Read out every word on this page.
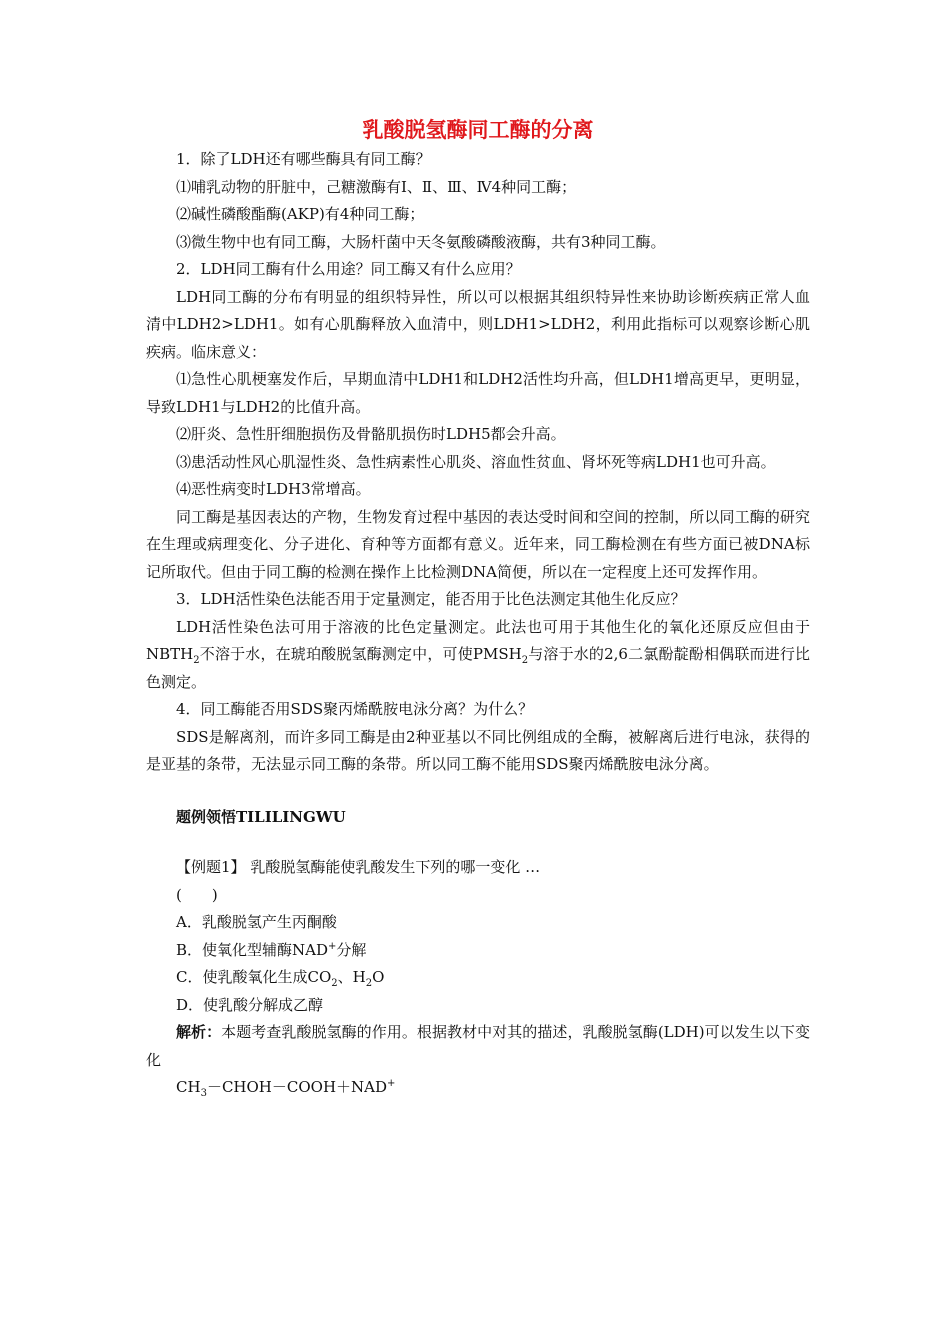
乳酸脱氢酶同工酶的分离

1．除了LDH还有哪些酶具有同工酶？

⑴哺乳动物的肝脏中，己糖激酶有Ⅰ、Ⅱ、Ⅲ、Ⅳ4种同工酶；

⑵碱性磷酸酯酶(AKP)有4种同工酶；

⑶微生物中也有同工酶，大肠杆菌中天冬氨酸磷酸液酶，共有3种同工酶。

2．LDH同工酶有什么用途？同工酶又有什么应用？

LDH同工酶的分布有明显的组织特异性，所以可以根据其组织特异性来协助诊断疾病正常人血清中LDH2>LDH1。如有心肌酶释放入血清中，则LDH1>LDH2，利用此指标可以观察诊断心肌疾病。临床意义：

⑴急性心肌梗塞发作后，早期血清中LDH1和LDH2活性均升高，但LDH1增高更早，更明显，导致LDH1与LDH2的比值升高。

⑵肝炎、急性肝细胞损伤及骨骼肌损伤时LDH5都会升高。

⑶患活动性风心肌湿性炎、急性病素性心肌炎、溶血性贫血、肾坏死等病LDH1也可升高。

⑷恶性病变时LDH3常增高。

同工酶是基因表达的产物，生物发育过程中基因的表达受时间和空间的控制，所以同工酶的研究在生理或病理变化、分子进化、育种等方面都有意义。近年来，同工酶检测在有些方面已被DNA标记所取代。但由于同工酶的检测在操作上比检测DNA简便，所以在一定程度上还可发挥作用。

3．LDH活性染色法能否用于定量测定，能否用于比色法测定其他生化反应？

LDH活性染色法可用于溶液的比色定量测定。此法也可用于其他生化的氧化还原反应但由于$NBTH_2$不溶于水，在琥珀酸脱氢酶测定中，可使$PMSH_2$与溶于水的2,6二氯酚靛酚相偶联而进行比色测定。

4．同工酶能否用SDS聚丙烯酰胺电泳分离？为什么？

SDS是解离剂，而许多同工酶是由2种亚基以不同比例组成的全酶，被解离后进行电泳，获得的是亚基的条带，无法显示同工酶的条带。所以同工酶不能用SDS聚丙烯酰胺电泳分离。

题例领悟TILILINGWU

【例题1】 乳酸脱氢酶能使乳酸发生下列的哪一变化 …

(　　)

A．乳酸脱氢产生丙酮酸

B．使氧化型辅酶NAD+分解

C．使乳酸氧化生成$CO_2$、$H_2O$

D．使乳酸分解成乙醇

解析：本题考查乳酸脱氢酶的作用。根据教材中对其的描述，乳酸脱氢酶(LDH)可以发生以下变化

$CH_3-CHOH-COOH+NAD^+$
